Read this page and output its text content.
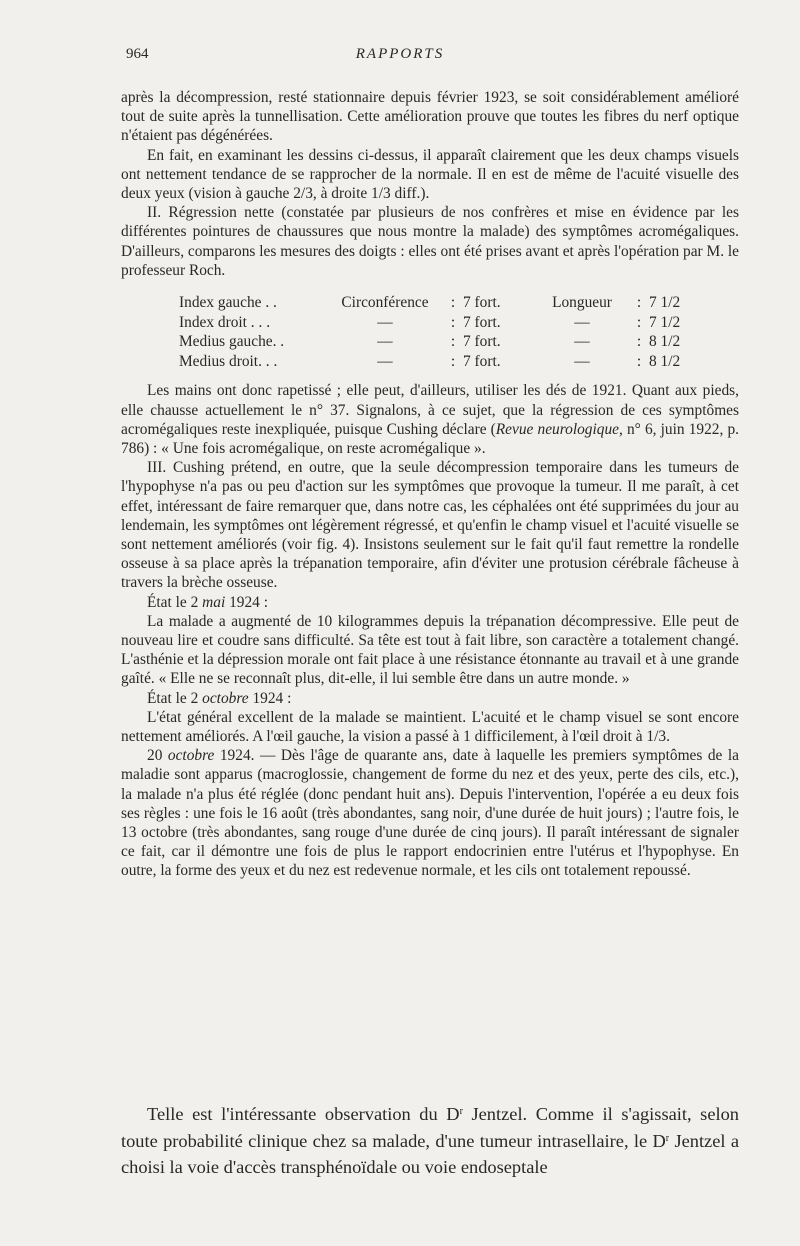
964	RAPPORTS

après la décompression, resté stationnaire depuis février 1923, se soit considérablement amélioré tout de suite après la tunnellisation. Cette amélioration prouve que toutes les fibres du nerf optique n'étaient pas dégénérées.

En fait, en examinant les dessins ci-dessus, il apparaît clairement que les deux champs visuels ont nettement tendance de se rapprocher de la normale. Il en est de même de l'acuité visuelle des deux yeux (vision à gauche 2/3, à droite 1/3 diff.).

II. Régression nette (constatée par plusieurs de nos confrères et mise en évidence par les différentes pointures de chaussures que nous montre la malade) des symptômes acromégaliques. D'ailleurs, comparons les mesures des doigts : elles ont été prises avant et après l'opération par M. le professeur Roch.

Index gauche . .	Circonférence	: 7 fort.	Longueur	: 7 1/2
Index droit . . .	—	: 7 fort.	—	: 7 1/2
Medius gauche. .	—	: 7 fort.	—	: 8 1/2
Medius droit. . .	—	: 7 fort.	—	: 8 1/2

Les mains ont donc rapetissé ; elle peut, d'ailleurs, utiliser les dés de 1921. Quant aux pieds, elle chausse actuellement le n° 37. Signalons, à ce sujet, que la régression de ces symptômes acromégaliques reste inexpliquée, puisque Cushing déclare (Revue neurologique, n° 6, juin 1922, p. 786) : « Une fois acromégalique, on reste acromégalique ».

III. Cushing prétend, en outre, que la seule décompression temporaire dans les tumeurs de l'hypophyse n'a pas ou peu d'action sur les symptômes que provoque la tumeur. Il me paraît, à cet effet, intéressant de faire remarquer que, dans notre cas, les céphalées ont été supprimées du jour au lendemain, les symptômes ont légèrement régressé, et qu'enfin le champ visuel et l'acuité visuelle se sont nettement améliorés (voir fig. 4). Insistons seulement sur le fait qu'il faut remettre la rondelle osseuse à sa place après la trépanation temporaire, afin d'éviter une protusion cérébrale fâcheuse à travers la brèche osseuse.

État le 2 mai 1924 :

La malade a augmenté de 10 kilogrammes depuis la trépanation décompressive. Elle peut de nouveau lire et coudre sans difficulté. Sa tête est tout à fait libre, son caractère a totalement changé. L'asthénie et la dépression morale ont fait place à une résistance étonnante au travail et à une grande gaîté. « Elle ne se reconnaît plus, dit-elle, il lui semble être dans un autre monde. »

État le 2 octobre 1924 :

L'état général excellent de la malade se maintient. L'acuité et le champ visuel se sont encore nettement améliorés. A l'œil gauche, la vision a passé à 1 difficilement, à l'œil droit à 1/3.

20 octobre 1924. — Dès l'âge de quarante ans, date à laquelle les premiers symptômes de la maladie sont apparus (macroglossie, changement de forme du nez et des yeux, perte des cils, etc.), la malade n'a plus été réglée (donc pendant huit ans). Depuis l'intervention, l'opérée a eu deux fois ses règles : une fois le 16 août (très abondantes, sang noir, d'une durée de huit jours) ; l'autre fois, le 13 octobre (très abondantes, sang rouge d'une durée de cinq jours). Il paraît intéressant de signaler ce fait, car il démontre une fois de plus le rapport endocrinien entre l'utérus et l'hypophyse. En outre, la forme des yeux et du nez est redevenue normale, et les cils ont totalement repoussé.

Telle est l'intéressante observation du $D^r$ Jentzel. Comme il s'agissait, selon toute probabilité clinique chez sa malade, d'une tumeur intrasellaire, le $D^r$ Jentzel a choisi la voie d'accès transphénoïdale ou voie endoseptale
